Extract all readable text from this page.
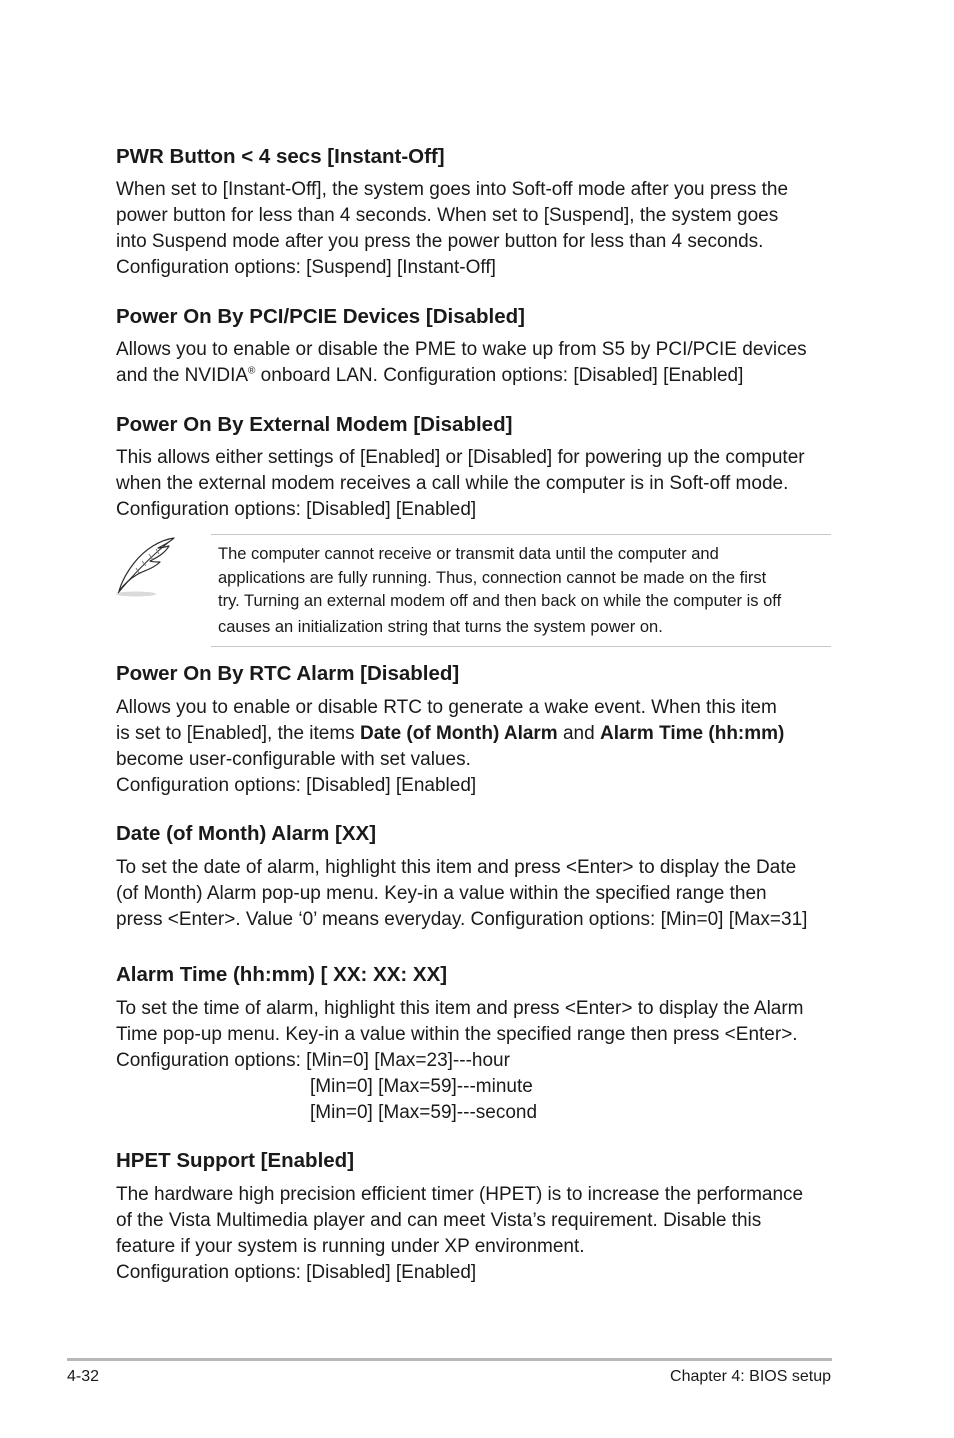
PWR Button < 4 secs [Instant-Off]
When set to [Instant-Off], the system goes into Soft-off mode after you press the
power button for less than 4 seconds. When set to [Suspend], the system goes
into Suspend mode after you press the power button for less than 4 seconds.
Configuration options: [Suspend] [Instant-Off]
Power On By PCI/PCIE Devices [Disabled]
Allows you to enable or disable the PME to wake up from S5 by PCI/PCIE devices
and the NVIDIA® onboard LAN. Configuration options: [Disabled] [Enabled]
Power On By External Modem [Disabled]
This allows either settings of [Enabled] or [Disabled] for powering up the computer
when the external modem receives a call while the computer is in Soft-off mode.
Configuration options: [Disabled] [Enabled]
The computer cannot receive or transmit data until the computer and
applications are fully running. Thus, connection cannot be made on the first
try. Turning an external modem off and then back on while the computer is off
causes an initialization string that turns the system power on.
Power On By RTC Alarm [Disabled]
Allows you to enable or disable RTC to generate a wake event. When this item
is set to [Enabled], the items Date (of Month) Alarm and Alarm Time (hh:mm)
become user-configurable with set values.
Configuration options: [Disabled] [Enabled]
Date (of Month) Alarm [XX]
To set the date of alarm, highlight this item and press <Enter> to display the Date
(of Month) Alarm pop-up menu. Key-in a value within the specified range then
press <Enter>. Value ‘0’ means everyday. Configuration options: [Min=0] [Max=31]
Alarm Time (hh:mm) [ XX: XX: XX]
To set the time of alarm, highlight this item and press <Enter> to display the Alarm
Time pop-up menu. Key-in a value within the specified range then press <Enter>.
Configuration options: [Min=0] [Max=23]---hour
[Min=0] [Max=59]---minute
[Min=0] [Max=59]---second
HPET Support [Enabled]
The hardware high precision efficient timer (HPET) is to increase the performance
of the Vista Multimedia player and can meet Vista’s requirement. Disable this
feature if your system is running under XP environment.
Configuration options: [Disabled] [Enabled]
4-32	Chapter 4: BIOS setup
